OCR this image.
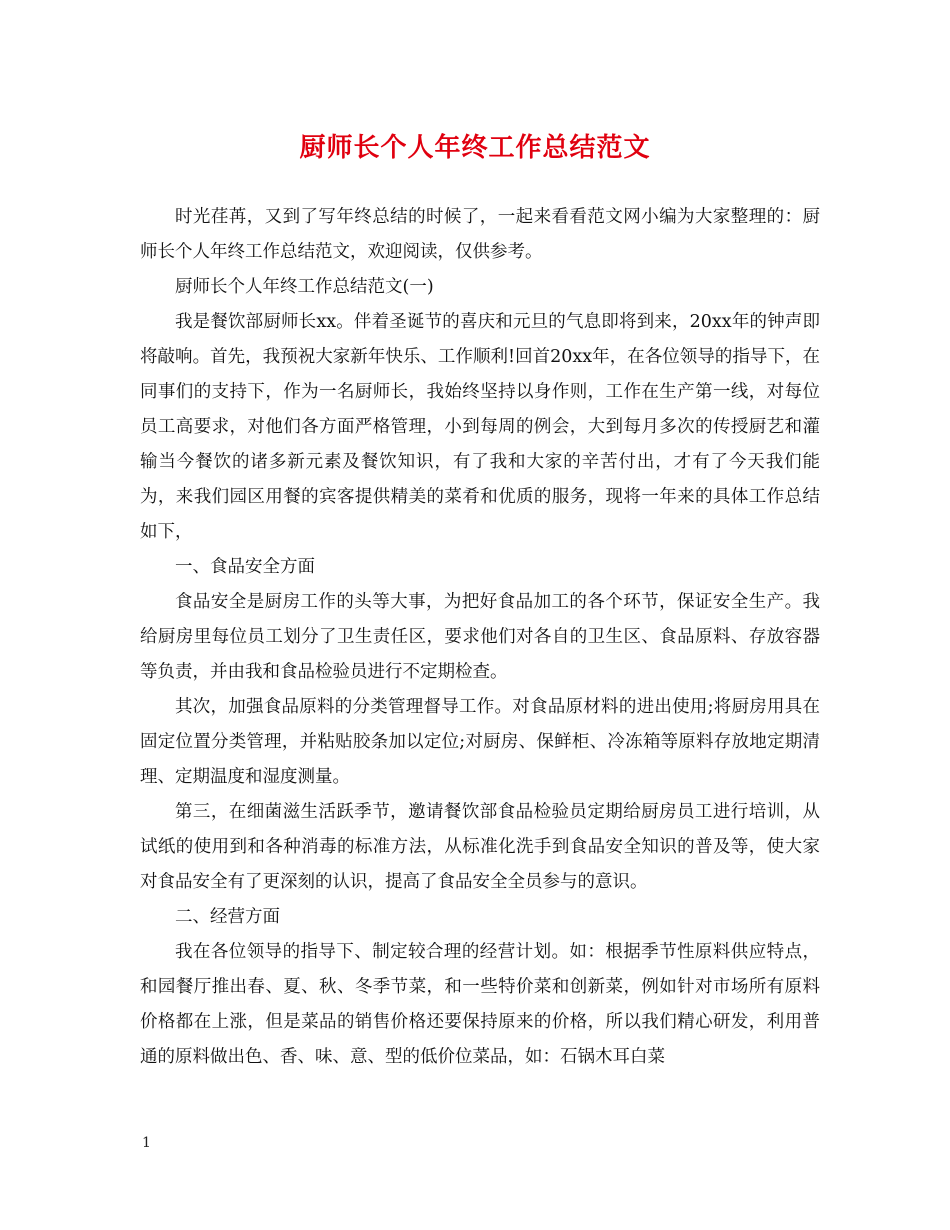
厨师长个人年终工作总结范文

时光荏苒，又到了写年终总结的时候了，一起来看看范文网小编为大家整理的：厨师长个人年终工作总结范文，欢迎阅读，仅供参考。

厨师长个人年终工作总结范文(一)

我是餐饮部厨师长xx。伴着圣诞节的喜庆和元旦的气息即将到来，20xx年的钟声即将敲响。首先，我预祝大家新年快乐、工作顺利!回首20xx年，在各位领导的指导下，在同事们的支持下，作为一名厨师长，我始终坚持以身作则，工作在生产第一线，对每位员工高要求，对他们各方面严格管理，小到每周的例会，大到每月多次的传授厨艺和灌输当今餐饮的诸多新元素及餐饮知识，有了我和大家的辛苦付出，才有了今天我们能为，来我们园区用餐的宾客提供精美的菜肴和优质的服务，现将一年来的具体工作总结如下，

一、食品安全方面

食品安全是厨房工作的头等大事，为把好食品加工的各个环节，保证安全生产。我给厨房里每位员工划分了卫生责任区，要求他们对各自的卫生区、食品原料、存放容器等负责，并由我和食品检验员进行不定期检查。

其次，加强食品原料的分类管理督导工作。对食品原材料的进出使用;将厨房用具在固定位置分类管理，并粘贴胶条加以定位;对厨房、保鲜柜、冷冻箱等原料存放地定期清理、定期温度和湿度测量。

第三，在细菌滋生活跃季节，邀请餐饮部食品检验员定期给厨房员工进行培训，从试纸的使用到和各种消毒的标准方法，从标准化洗手到食品安全知识的普及等，使大家对食品安全有了更深刻的认识，提高了食品安全全员参与的意识。

二、经营方面

我在各位领导的指导下、制定较合理的经营计划。如：根据季节性原料供应特点，和园餐厅推出春、夏、秋、冬季节菜，和一些特价菜和创新菜，例如针对市场所有原料价格都在上涨，但是菜品的销售价格还要保持原来的价格，所以我们精心研发，利用普通的原料做出色、香、味、意、型的低价位菜品，如：石锅木耳白菜

1
